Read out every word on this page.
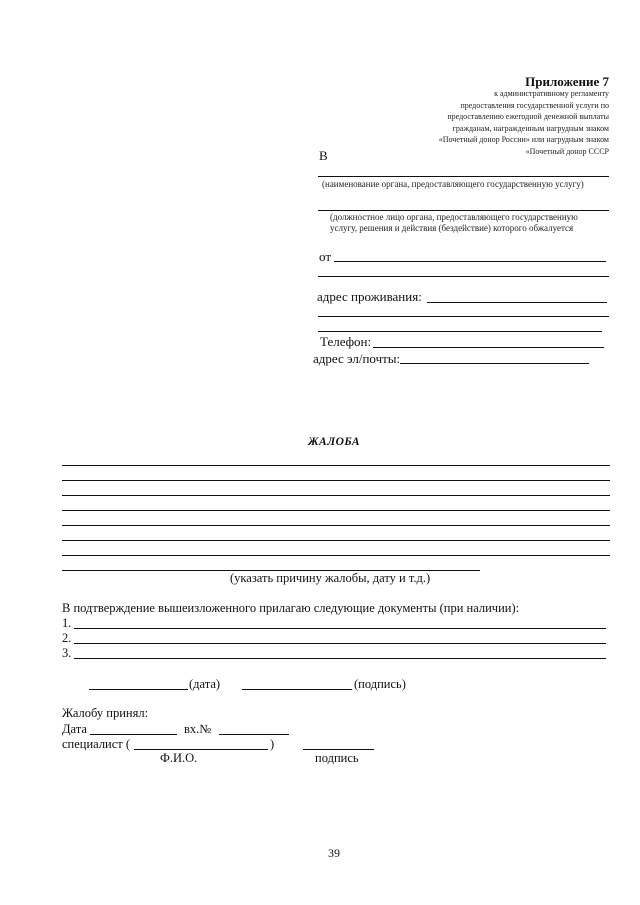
Приложение 7
к административному регламенту
предоставления государственной услуги по
предоставлению ежегодной денежной выплаты
гражданам, награжденным нагрудным знаком
«Почетный донор России» или нагрудным знаком
«Почетный донор СССР
В
(наименование органа, предоставляющего государственную услугу)
(должностное лицо органа, предоставляющего государственную
услугу, решения и действия (бездействие) которого обжалуется
от
адрес проживания:
Телефон:
адрес эл/почты:
ЖАЛОБА
(указать причину жалобы, дату и т.д.)
В подтверждение вышеизложенного прилагаю следующие документы (при наличии):
1.
2.
3.
(дата)	(подпись)
Жалобу принял:
Дата	вх.№
специалист (	)
Ф.И.О.	подпись
39
